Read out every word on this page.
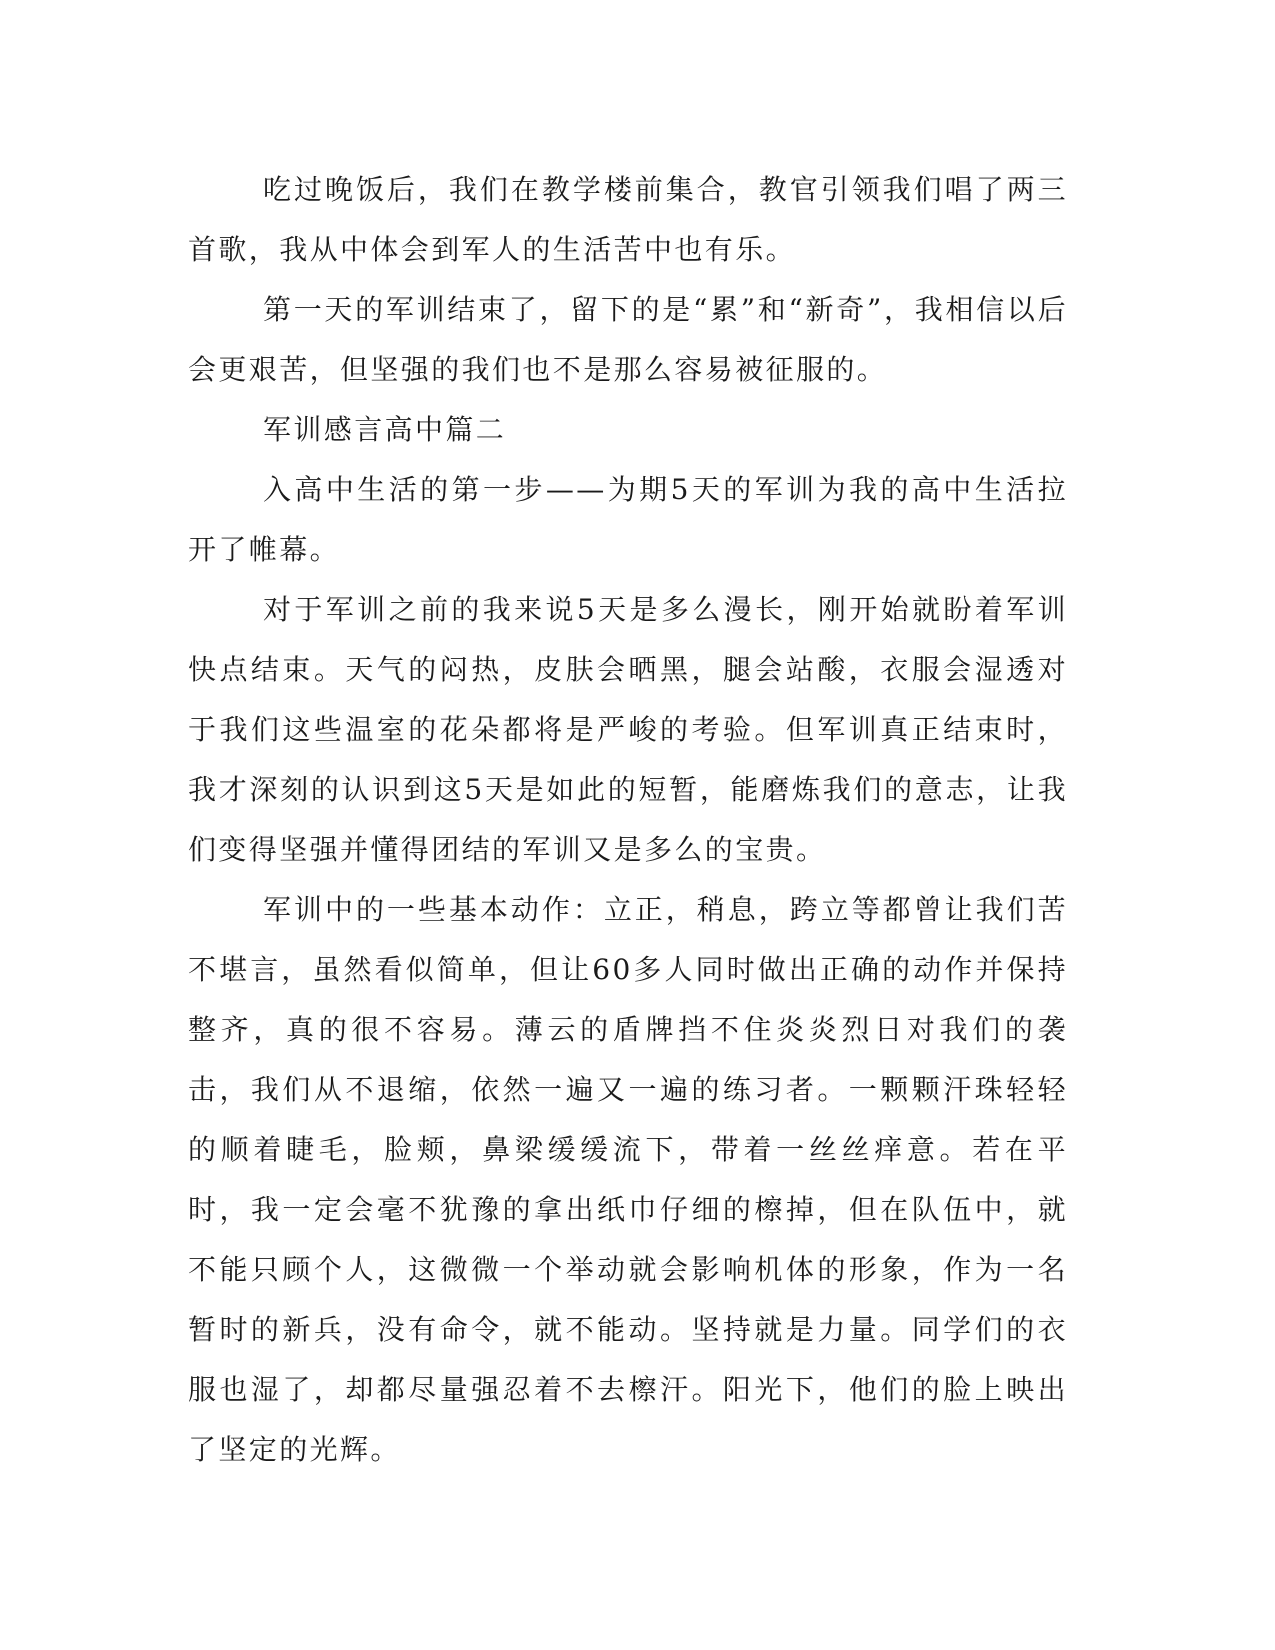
吃过晚饭后，我们在教学楼前集合，教官引领我们唱了两三首歌，我从中体会到军人的生活苦中也有乐。

第一天的军训结束了，留下的是“累”和“新奇”，我相信以后会更艰苦，但坚强的我们也不是那么容易被征服的。

军训感言高中篇二

入高中生活的第一步——为期5天的军训为我的高中生活拉开了帷幕。

对于军训之前的我来说5天是多么漫长，刚开始就盼着军训快点结束。天气的闷热，皮肤会晒黑，腿会站酸，衣服会湿透对于我们这些温室的花朵都将是严峻的考验。但军训真正结束时，我才深刻的认识到这5天是如此的短暂，能磨炼我们的意志，让我们变得坚强并懂得团结的军训又是多么的宝贵。

军训中的一些基本动作：立正，稍息，跨立等都曾让我们苦不堪言，虽然看似简单，但让60多人同时做出正确的动作并保持整齐，真的很不容易。薄云的盾牌挡不住炎炎烈日对我们的袭击，我们从不退缩，依然一遍又一遍的练习者。一颗颗汗珠轻轻的顺着睫毛，脸颊，鼻梁缓缓流下，带着一丝丝痒意。若在平时，我一定会毫不犹豫的拿出纸巾仔细的檫掉，但在队伍中，就不能只顾个人，这微微一个举动就会影响机体的形象，作为一名暂时的新兵，没有命令，就不能动。坚持就是力量。同学们的衣服也湿了，却都尽量强忍着不去檫汗。阳光下，他们的脸上映出了坚定的光辉。
